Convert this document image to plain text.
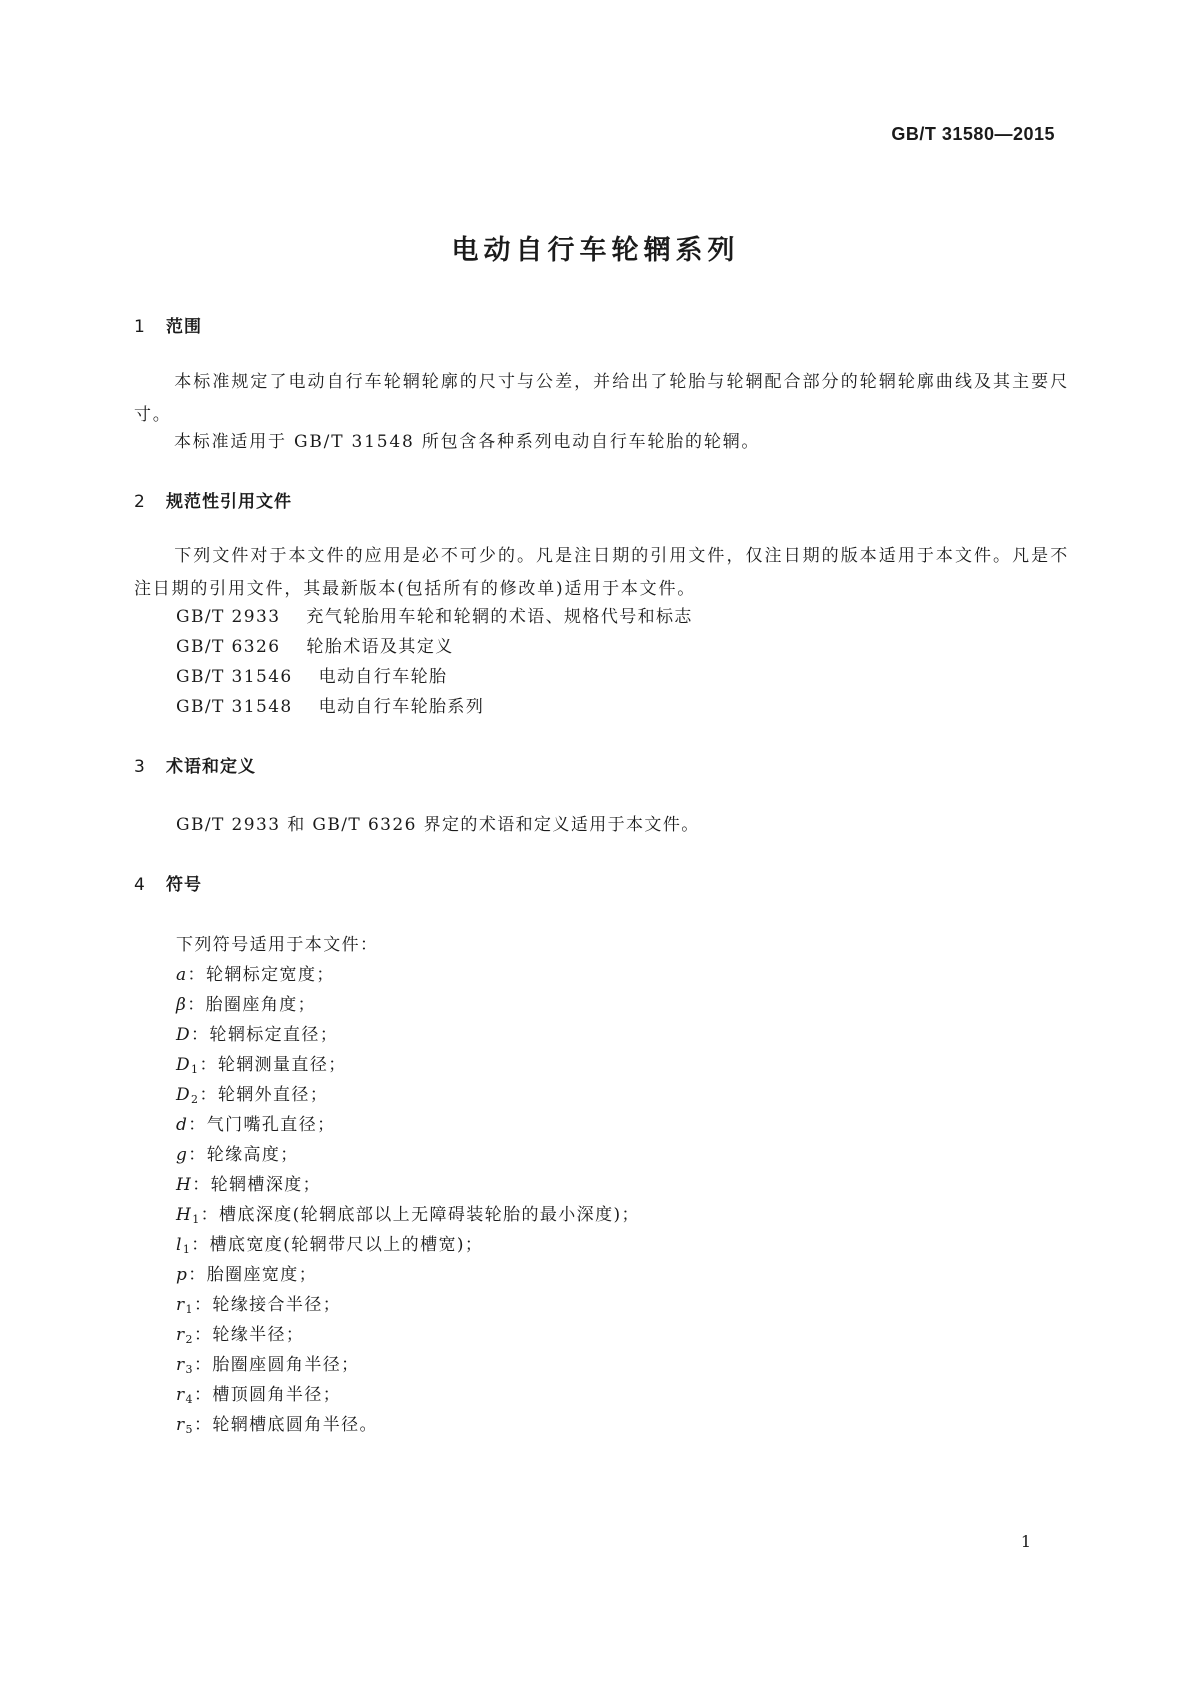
GB/T 31580—2015
电动自行车轮辋系列
1 范围
本标准规定了电动自行车轮辋轮廓的尺寸与公差，并给出了轮胎与轮辋配合部分的轮辋轮廓曲线及其主要尺寸。
本标准适用于 GB/T 31548 所包含各种系列电动自行车轮胎的轮辋。
2 规范性引用文件
下列文件对于本文件的应用是必不可少的。凡是注日期的引用文件，仅注日期的版本适用于本文件。凡是不注日期的引用文件，其最新版本(包括所有的修改单)适用于本文件。
GB/T 2933 充气轮胎用车轮和轮辋的术语、规格代号和标志
GB/T 6326 轮胎术语及其定义
GB/T 31546 电动自行车轮胎
GB/T 31548 电动自行车轮胎系列
3 术语和定义
GB/T 2933 和 GB/T 6326 界定的术语和定义适用于本文件。
4 符号
下列符号适用于本文件：
a：轮辋标定宽度；
β：胎圈座角度；
D：轮辋标定直径；
$D_1$：轮辋测量直径；
$D_2$：轮辋外直径；
d：气门嘴孔直径；
g：轮缘高度；
H：轮辋槽深度；
$H_1$：槽底深度(轮辋底部以上无障碍装轮胎的最小深度)；
$l_1$：槽底宽度(轮辋带尺以上的槽宽)；
p：胎圈座宽度；
$r_1$：轮缘接合半径；
$r_2$：轮缘半径；
$r_3$：胎圈座圆角半径；
$r_4$：槽顶圆角半径；
$r_5$：轮辋槽底圆角半径。
1
